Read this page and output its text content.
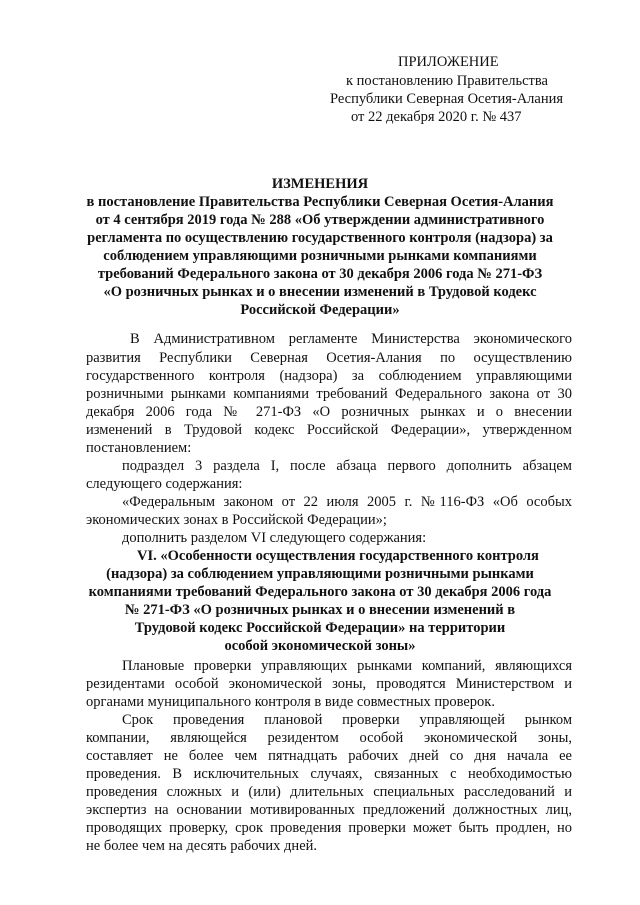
ПРИЛОЖЕНИЕ
к постановлению Правительства
Республики Северная Осетия-Алания
от 22 декабря 2020 г. № 437
ИЗМЕНЕНИЯ
в постановление Правительства Республики Северная Осетия-Алания
от 4 сентября 2019 года № 288 «Об утверждении административного
регламента по осуществлению государственного контроля (надзора) за
соблюдением управляющими розничными рынками компаниями
требований Федерального закона от 30 декабря 2006 года № 271-ФЗ
«О розничных рынках и о внесении изменений в Трудовой кодекс
Российской Федерации»
В Административном регламенте Министерства экономического
развития Республики Северная Осетия-Алания по осуществлению
государственного контроля (надзора) за соблюдением управляющими
розничными рынками компаниями требований Федерального закона от 30
декабря 2006 года № 271-ФЗ «О розничных рынках и о внесении
изменений в Трудовой кодекс Российской Федерации», утвержденном
постановлением:
подраздел 3 раздела I, после абзаца первого дополнить абзацем
следующего содержания:
«Федеральным законом от 22 июля 2005 г. №116-ФЗ «Об особых
экономических зонах в Российской Федерации»;
дополнить разделом VI следующего содержания:
VI. «Особенности осуществления государственного контроля
(надзора) за соблюдением управляющими розничными рынками
компаниями требований Федерального закона от 30 декабря 2006 года
№ 271-ФЗ «О розничных рынках и о внесении изменений в
Трудовой кодекс Российской Федерации» на территории
особой экономической зоны»
Плановые проверки управляющих рынками компаний, являющихся
резидентами особой экономической зоны, проводятся Министерством и
органами муниципального контроля в виде совместных проверок.
Срок проведения плановой проверки управляющей рынком
компании, являющейся резидентом особой экономической зоны,
составляет не более чем пятнадцать рабочих дней со дня начала ее
проведения. В исключительных случаях, связанных с необходимостью
проведения сложных и (или) длительных специальных расследований и
экспертиз на основании мотивированных предложений должностных лиц,
проводящих проверку, срок проведения проверки может быть продлен, но
не более чем на десять рабочих дней.
